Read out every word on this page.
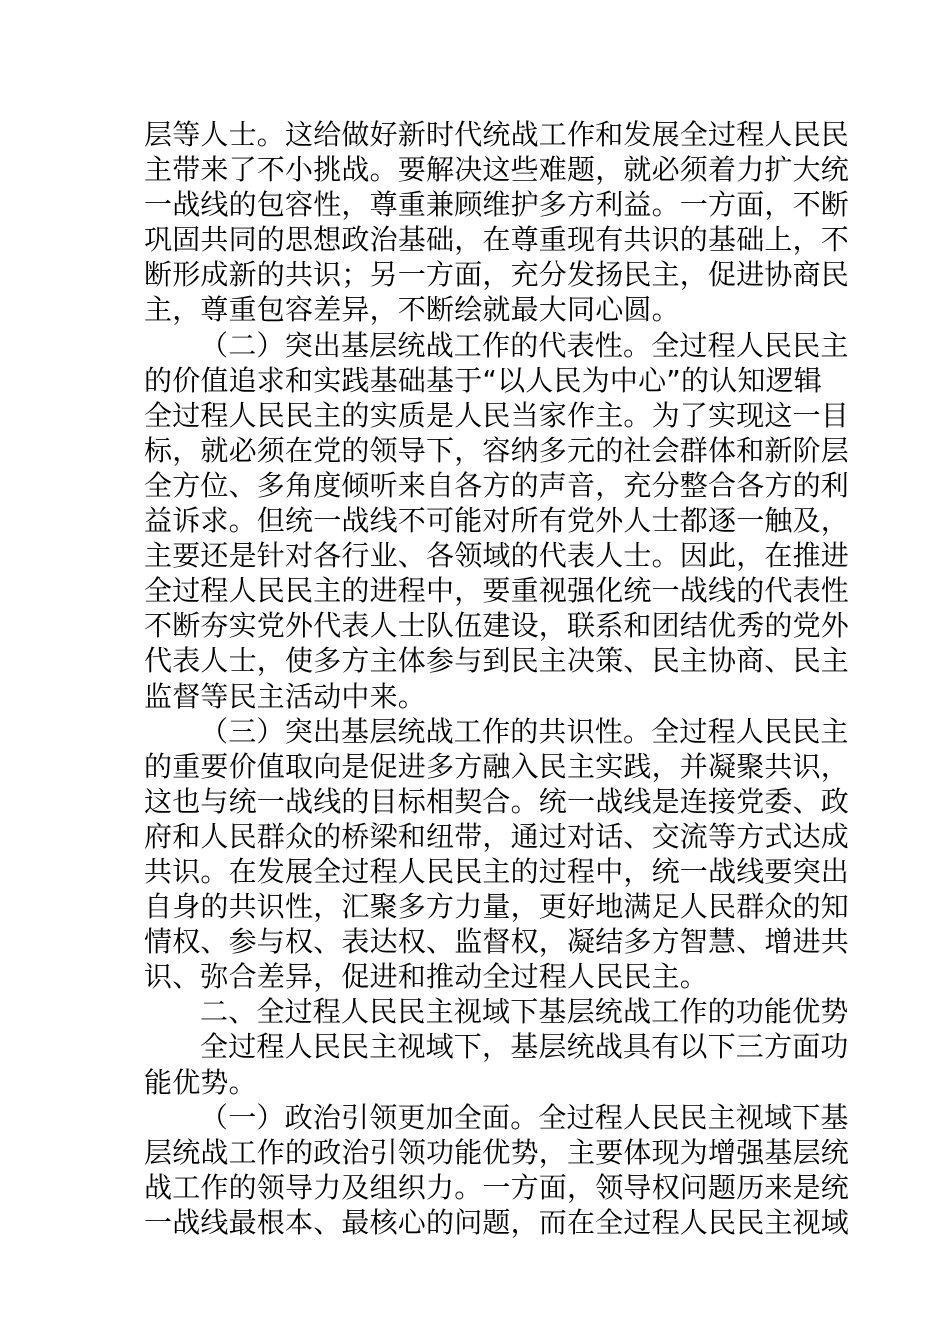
层等人士。这给做好新时代统战工作和发展全过程人民民
主带来了不小挑战。要解决这些难题，就必须着力扩大统
一战线的包容性，尊重兼顾维护多方利益。一方面，不断
巩固共同的思想政治基础，在尊重现有共识的基础上，不
断形成新的共识；另一方面，充分发扬民主，促进协商民
主，尊重包容差异，不断绘就最大同心圆。
（二）突出基层统战工作的代表性。全过程人民民主
的价值追求和实践基础基于“以人民为中心”的认知逻辑
全过程人民民主的实质是人民当家作主。为了实现这一目
标，就必须在党的领导下，容纳多元的社会群体和新阶层
全方位、多角度倾听来自各方的声音，充分整合各方的利
益诉求。但统一战线不可能对所有党外人士都逐一触及，
主要还是针对各行业、各领域的代表人士。因此，在推进
全过程人民民主的进程中，要重视强化统一战线的代表性
不断夯实党外代表人士队伍建设，联系和团结优秀的党外
代表人士，使多方主体参与到民主决策、民主协商、民主
监督等民主活动中来。
（三）突出基层统战工作的共识性。全过程人民民主
的重要价值取向是促进多方融入民主实践，并凝聚共识，
这也与统一战线的目标相契合。统一战线是连接党委、政
府和人民群众的桥梁和纽带，通过对话、交流等方式达成
共识。在发展全过程人民民主的过程中，统一战线要突出
自身的共识性，汇聚多方力量，更好地满足人民群众的知
情权、参与权、表达权、监督权，凝结多方智慧、增进共
识、弥合差异，促进和推动全过程人民民主。
二、全过程人民民主视域下基层统战工作的功能优势
全过程人民民主视域下，基层统战具有以下三方面功
能优势。
（一）政治引领更加全面。全过程人民民主视域下基
层统战工作的政治引领功能优势，主要体现为增强基层统
战工作的领导力及组织力。一方面，领导权问题历来是统
一战线最根本、最核心的问题，而在全过程人民民主视域
